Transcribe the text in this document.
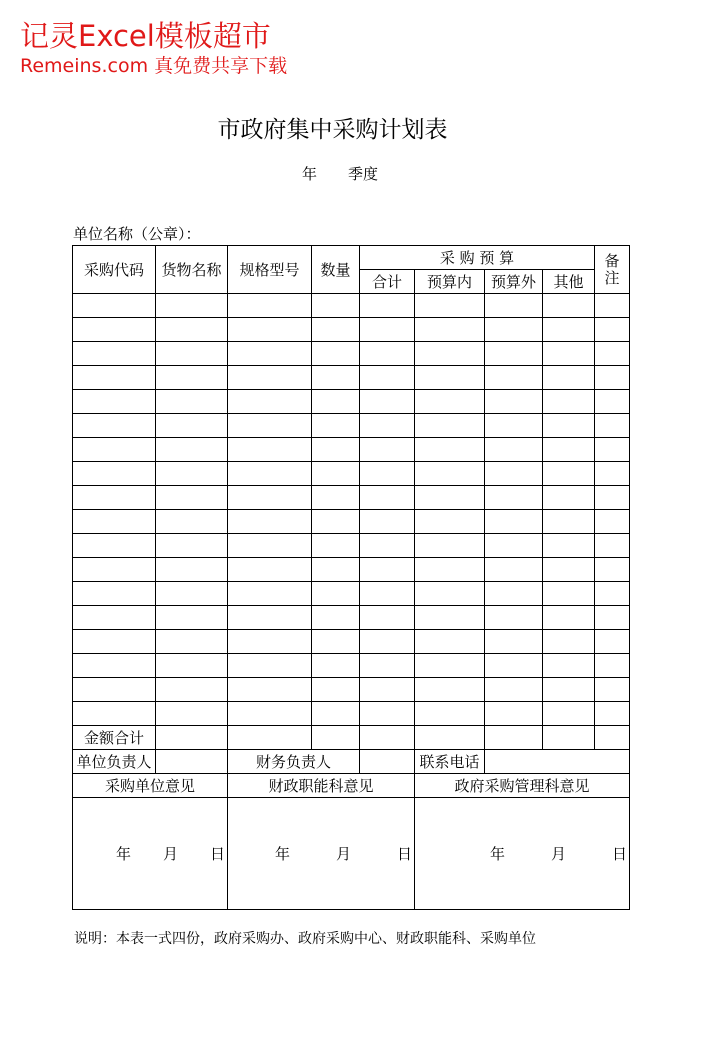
记灵Excel模板超市
Remeins.com 真免费共享下载
市政府集中采购计划表
年 季度
单位名称（公章）：
采购代码	货物名称	规格型号	数量	采 购 预 算				备
注

				合计	预算内	预算外	其他	

金额合计								
单位负责人		财务负责人			联系电话			
采购单位意见		财政职能科意见			政府采购管理科意见			

年 月 日		年 月 日			年 月 日			
说明：本表一式四份，政府采购办、政府采购中心、财政职能科、采购单位
